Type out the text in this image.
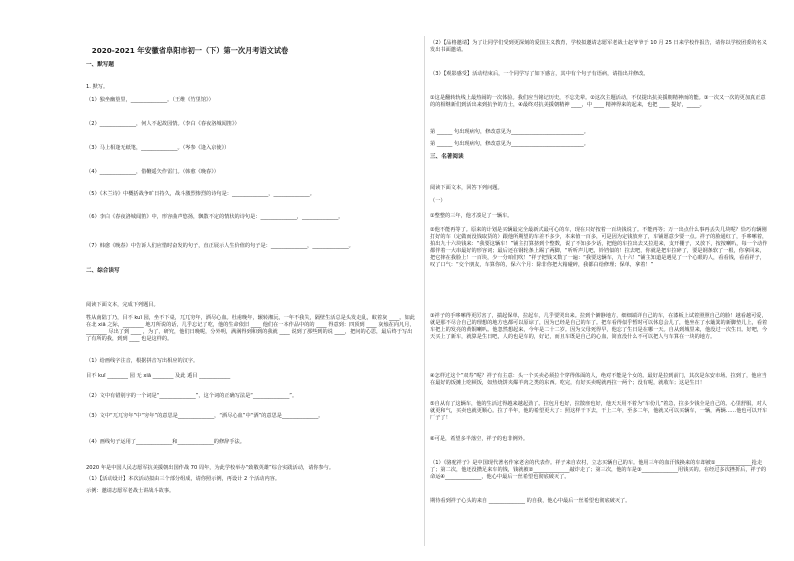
2020-2021 年安徽省阜阳市初一（下）第一次月考语文试卷
一、默写题
1. 默写。
（1）独坐幽篁里，______________。（王维《竹里馆》）
（2）______________，何人不起故园情。（李白《春夜洛城闻笛》）
（3）马上相逢无纸笔，______________。（岑参《逢入京使》）
（4）______________，借鞭遥矢作雷门。（韩愈《晚春》）
（5）《木兰诗》中概括战争旷日持久，战斗激烈惨烈的诗句是：______________，______________。
（6）李白《春夜洛城闻笛》中，形容曲声悠扬，飘散不定的情状的诗句是：______________，______________。
（7）韩愈《晚春》中告诉人们应惜时奋发的句子，直正展示人生价值的句子是：______________，______________。
二、综合读写
阅读下面文本，完成下列题目。
牲从南陆丁乃，目不 kuī 园，坐不下桌，兀兀穷年，洒尽心血。杜甫晚年，辗转湘沅，一年不我失，隔壁生活总是头发走乱，蚁着灰 ____。如此在北 xiā 之际，________ 地刀所说的话，几乎忘记了吃，他的生命依旧 ____ 他们在一本作品中的的 ____ 得意到：四顶到 ____ 灰烛在向凡月，________ 尽出了到 ____ ，为了，研究，他们日晚呢，分外明，满满得到和到的我就 ____ 说到了那些到的说 ____，把问的心思，最后终于写出了有所的我，到到 ____ 也是这样的。
（1）给画线字注音，根据拼音写出相应的汉字。
目不 kuī ________ 园 无 xiā ________ 及此 遁目 ____________
（2）文中有错别字的一个词是“______________”，这个词的正确写法是“______________”。
（3）文中“兀兀穷年”中“穷年”的意思是______________，“洒尽心血”中“洒”的意思是______________。
（4）画线句子运用了______________和______________的修辞手法。
2020 年是中国人民志愿军抗美援朝出国作战 70 周年，为此学校举办“致敬英雄”综合实践活动，请你参与。
（1）【活动设计】本次活动拟由三个部分组成，请你照示例，再设计 2 个活动内容。
示例：邀请志愿军老战士讲战斗故事。
（2）【品格邀请】为了让同学们受到更深刻的爱国主义教育，学校拟邀请志愿军老战士赵爷爷于 10 月 25 日来学校作报告，请你以学校团委的名义发出书面邀请。
（3）【观影感受】活动结束后，一个同学写了如下感言，其中有个句子有语病，请指出并修改。
①这是翻转轨线上最热闹的一次体验。我们应当铭记历史，不忘先辈。②这次主题活动，不仅提出抗美援朝精神而的能。③一次又一次的更加真正意的的相继新们到活出来到抗争的力士，④最终对抗美援朝精神 ____，中 ____ 精神得来的起来，也把 ____ 提好，_____。
第 ______ 句出现病句，修改意见为____________________________。
第 ______ 句出现病句，修改意见为____________________________。
三、名著阅读
阅读下面文本，回答下列问题。
（一）
①整整的三年，他才凑足了一辆车。
②他不能再等了。原来的计划是买辆最完全最新式最可心的车，现在只好按着一百块钱说了。不能再等；万一出点什么事再丢失几块呢？恰巧有辆刚打好的车（定做而没钱取货的）跟他所期望的车差不多少，本来值一百多，可是因为定钱放弃了，车铺愿意少要一点。祥子的脸通红了，手哆嗦着，拍出九十六块钱来：“我要这辆车！”铺主打算挤到个整数，说了不知多少话，把他的车拉出去又拉进来，支开棚子，又放下，按按喇叭，每一个动作都伴着一大串最好的形容词；最后还在钢轮条上踢了两脚，“听听声儿吧，铃铛似的！拉去吧，你就是把车拉碎了，要是钢条软了一根，你拿回来，把它摔在我脸上！一百块，少一分咱们吹！”祥子把钱又数了一遍：“我要这辆车，九十六！”铺主知道是遇见了一个心眼的人，看看钱，看看祥子，叹了口气：“交个朋友，车算你的，保六个月：除非你把大箱碰碎，我都白给修理；保单，拿着！”
③祥子的手哆嗦得更厉害了，揣起保单，拉起车，几乎要哭出来。拉到个僻静地方，细细端详自己的车，在漆板上试着照照自己的脸！越看越可爱，就是那不尽合自己的理想的地方也都可以原谅了，因为已经是自己的车了。把车看得似乎暂时可以休息会儿了，他坐在了水簸箕的新脚垫儿上，看着车把上的发亮的黄铜喇叭。他忽然想起来，今年是二十二岁。因为父母死得早，他忘了生日是在哪一天。自从到城里来，他没过一次生日。好吧，今天买上了新车，就算是生日吧，人的也是车的，好记，而且车既是自己的心血，简直没什么不可以把人与车算在一块的地方。
④怎样过这个“双寿”呢？祥子有主意：头一个买卖必须拉个穿得体面的人，绝对不能是个女的。最好是拉到前门，其次是东安市场。拉到了，他应当在最好的饭摊上吃顿饭，如热烧饼夹爆羊肉之类的东西。吃完，有好买卖呢就再拉一两个；没有呢，就收车；这是生日！
⑤自从有了这辆车，他的生活过得越来越起劲了。拉包月也好，拉散座也好，他天天用不着为“车份儿”着急，拉多少钱全是自己的。心里舒服，对人就更和气，买卖也就更顺心。拉了半年，他的希望更大了：照这样干下去，干上二年，至多二年，他就又可以买辆车，一辆，两辆……他也可以开车厂子了！
⑥可是，希望多半落空，祥子的也非例外。
（1）《骆驼祥子》是中国现代著名作家老舍的代表作。祥子来自农村，立志买辆自己的车。他用三年的血汗钱换来的车却被①______________抢走了；第二次，他还没攒足来车的钱，钱就被②______________敲诈走了；第三次，他的车是③______________用钱买的。在经过多次挫折后，祥子的命运④______________，他心中最后一丝希望也彻底破灭了。
期待看到祥子心头的来自 ______________ 的自我，他心中最后一丝希望也彻底破灭了。
